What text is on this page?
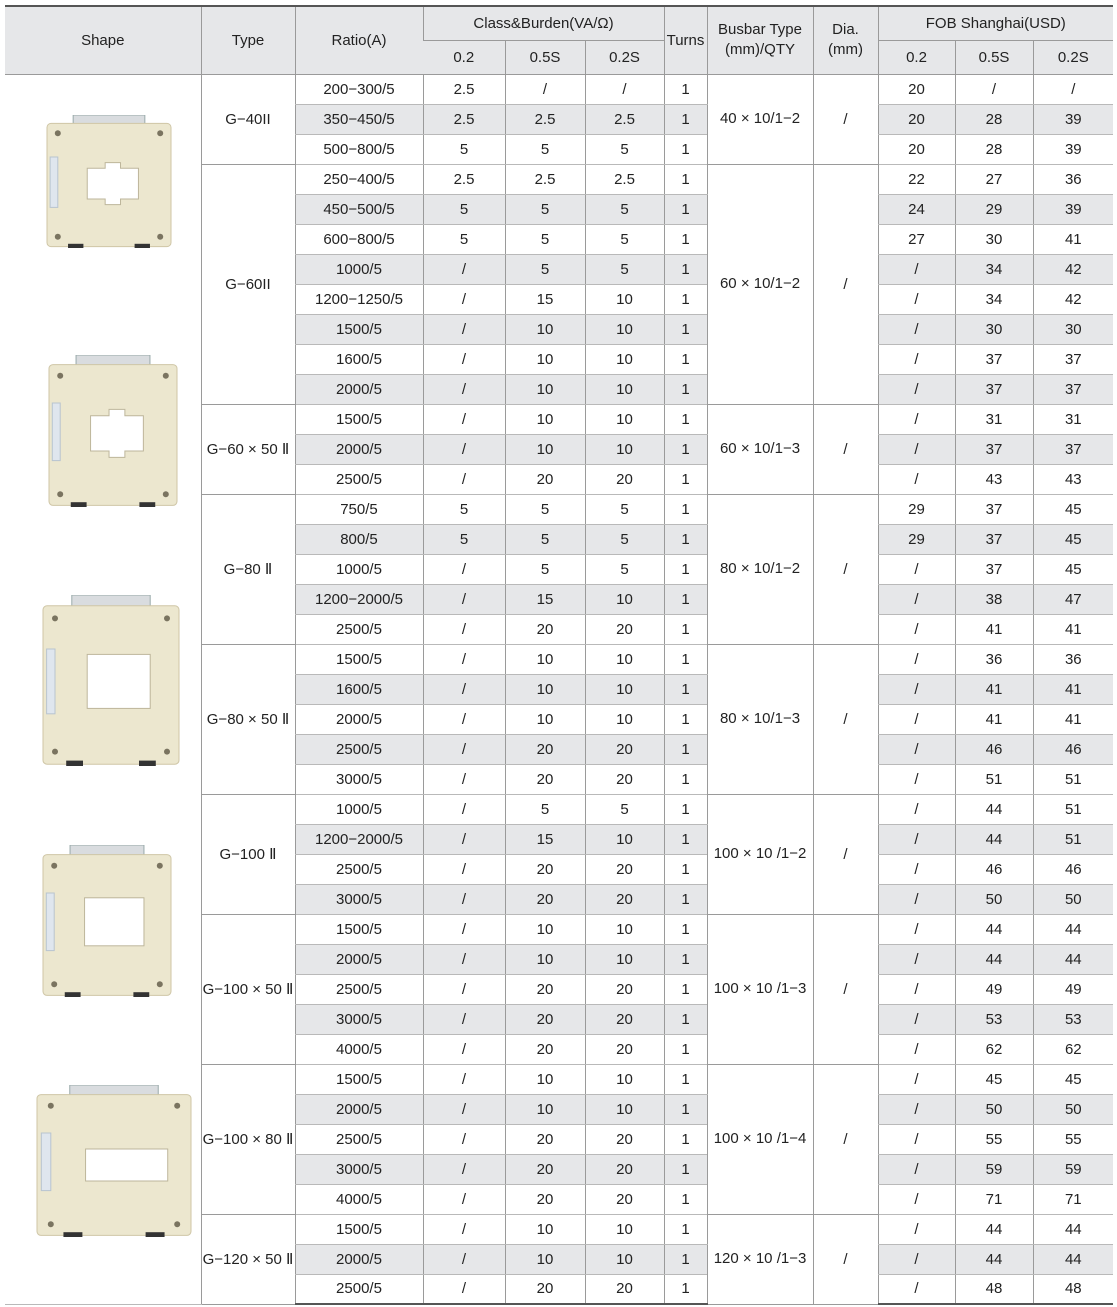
Shape	Type	Ratio(A)	Class&Burden(VA/Ω)			Turns	Busbar Type (mm)/QTY	Dia. (mm)	FOB Shanghai(USD)		
			0.2	0.5S	0.2S				0.2	0.5S	0.2S

	G−40II	200−300/5	2.5	/	/	1	40 × 10/1−2	/	20	/	/
		350−450/5	2.5	2.5	2.5	1			20	28	39
		500−800/5	5	5	5	1			20	28	39
	G−60II	250−400/5	2.5	2.5	2.5	1	60 × 10/1−2	/	22	27	36
		450−500/5	5	5	5	1			24	29	39
		600−800/5	5	5	5	1			27	30	41
		1000/5	/	5	5	1			/	34	42
		1200−1250/5	/	15	10	1			/	34	42
		1500/5	/	10	10	1			/	30	30
		1600/5	/	10	10	1			/	37	37
		2000/5	/	10	10	1			/	37	37
	G−60 × 50 Ⅱ	1500/5	/	10	10	1	60 × 10/1−3	/	/	31	31
		2000/5	/	10	10	1			/	37	37
		2500/5	/	20	20	1			/	43	43
	G−80 Ⅱ	750/5	5	5	5	1	80 × 10/1−2	/	29	37	45
		800/5	5	5	5	1			29	37	45
		1000/5	/	5	5	1			/	37	45
		1200−2000/5	/	15	10	1			/	38	47
		2500/5	/	20	20	1			/	41	41
	G−80 × 50 Ⅱ	1500/5	/	10	10	1	80 × 10/1−3	/	/	36	36
		1600/5	/	10	10	1			/	41	41
		2000/5	/	10	10	1			/	41	41
		2500/5	/	20	20	1			/	46	46
		3000/5	/	20	20	1			/	51	51
	G−100 Ⅱ	1000/5	/	5	5	1	100 × 10 /1−2	/	/	44	51
		1200−2000/5	/	15	10	1			/	44	51
		2500/5	/	20	20	1			/	46	46
		3000/5	/	20	20	1			/	50	50
	G−100 × 50 Ⅱ	1500/5	/	10	10	1	100 × 10 /1−3	/	/	44	44
		2000/5	/	10	10	1			/	44	44
		2500/5	/	20	20	1			/	49	49
		3000/5	/	20	20	1			/	53	53
		4000/5	/	20	20	1			/	62	62
	G−100 × 80 Ⅱ	1500/5	/	10	10	1	100 × 10 /1−4	/	/	45	45
		2000/5	/	10	10	1			/	50	50
		2500/5	/	20	20	1			/	55	55
		3000/5	/	20	20	1			/	59	59
		4000/5	/	20	20	1			/	71	71
	G−120 × 50 Ⅱ	1500/5	/	10	10	1	120 × 10 /1−3	/	/	44	44
		2000/5	/	10	10	1			/	44	44
		2500/5	/	20	20	1			/	48	48
